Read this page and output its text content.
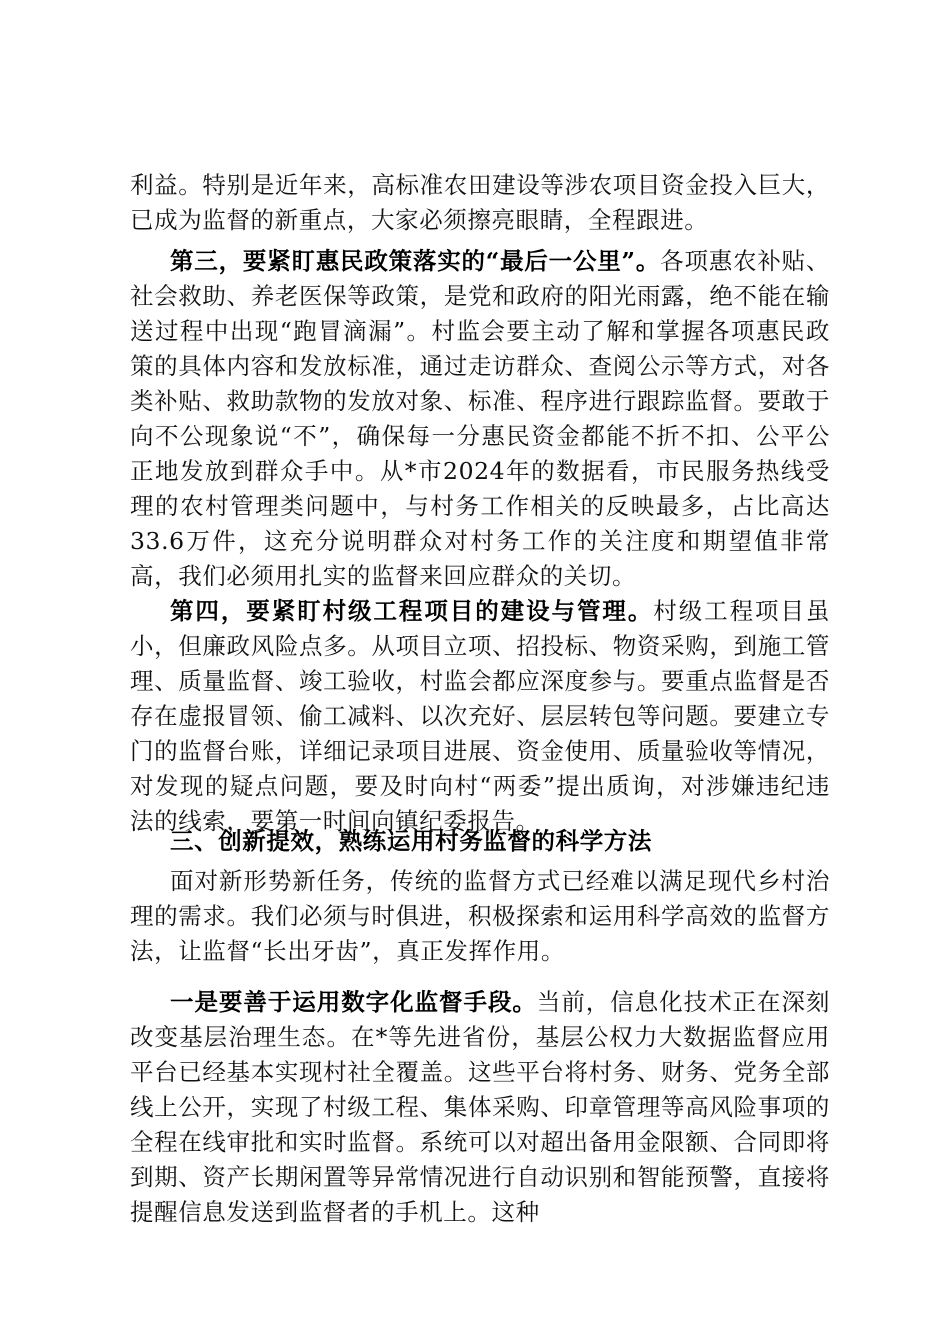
利益。特别是近年来，高标准农田建设等涉农项目资金投入巨大，已成为监督的新重点，大家必须擦亮眼睛，全程跟进。

第三，要紧盯惠民政策落实的“最后一公里”。各项惠农补贴、社会救助、养老医保等政策，是党和政府的阳光雨露，绝不能在输送过程中出现“跑冒滴漏”。村监会要主动了解和掌握各项惠民政策的具体内容和发放标准，通过走访群众、查阅公示等方式，对各类补贴、救助款物的发放对象、标准、程序进行跟踪监督。要敢于向不公现象说“不”，确保每一分惠民资金都能不折不扣、公平公正地发放到群众手中。从*市2024年的数据看，市民服务热线受理的农村管理类问题中，与村务工作相关的反映最多，占比高达33.6万件，这充分说明群众对村务工作的关注度和期望值非常高，我们必须用扎实的监督来回应群众的关切。

第四，要紧盯村级工程项目的建设与管理。村级工程项目虽小，但廉政风险点多。从项目立项、招投标、物资采购，到施工管理、质量监督、竣工验收，村监会都应深度参与。要重点监督是否存在虚报冒领、偷工减料、以次充好、层层转包等问题。要建立专门的监督台账，详细记录项目进展、资金使用、质量验收等情况，对发现的疑点问题，要及时向村“两委”提出质询，对涉嫌违纪违法的线索，要第一时间向镇纪委报告。

三、创新提效，熟练运用村务监督的科学方法

面对新形势新任务，传统的监督方式已经难以满足现代乡村治理的需求。我们必须与时俱进，积极探索和运用科学高效的监督方法，让监督“长出牙齿”，真正发挥作用。

一是要善于运用数字化监督手段。当前，信息化技术正在深刻改变基层治理生态。在*等先进省份，基层公权力大数据监督应用平台已经基本实现村社全覆盖。这些平台将村务、财务、党务全部线上公开，实现了村级工程、集体采购、印章管理等高风险事项的全程在线审批和实时监督。系统可以对超出备用金限额、合同即将到期、资产长期闲置等异常情况进行自动识别和智能预警，直接将提醒信息发送到监督者的手机上。这种
